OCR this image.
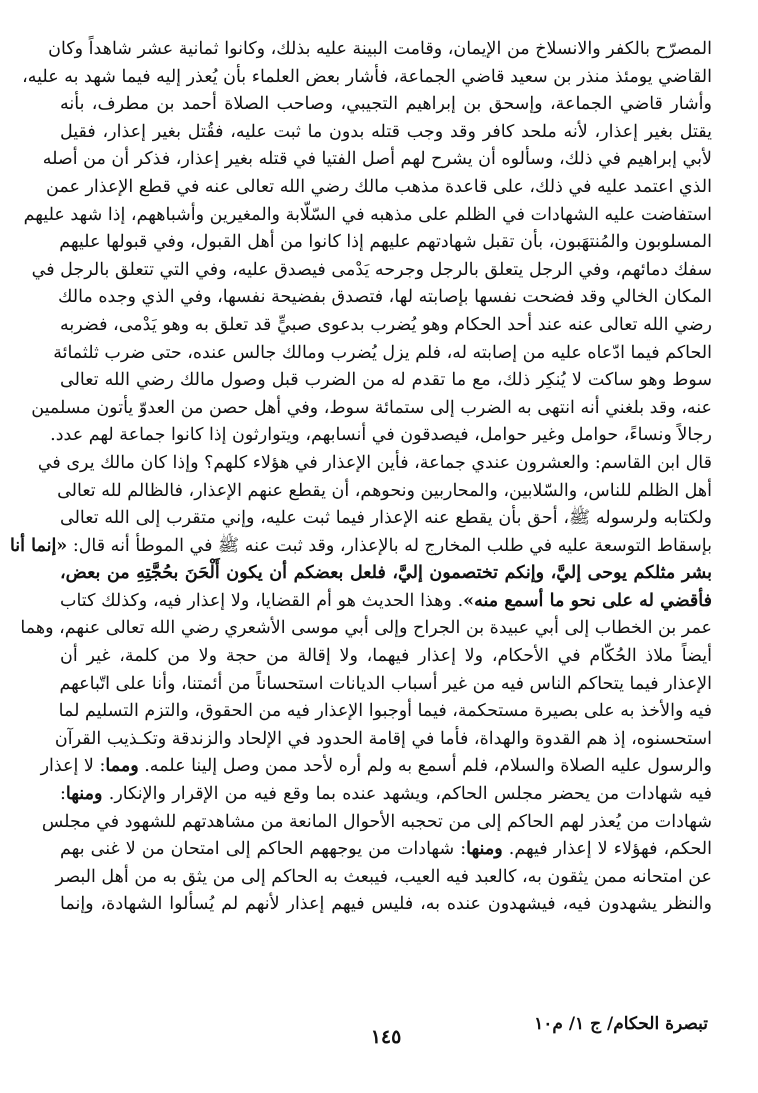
المصرّح بالكفر والانسلاخ من الإيمان، وقامت البينة عليه بذلك، وكانوا ثمانية عشر شاهداً وكان
القاضي يومئذ منذر بن سعيد قاضي الجماعة، فأشار بعض العلماء بأن يُعذر إليه فيما شهد به عليه،
وأشار قاضي الجماعة، وإسحق بن إبراهيم التجيبي، وصاحب الصلاة أحمد بن مطرف، بأنه
يقتل بغير إعذار، لأنه ملحد كافر وقد وجب قتله بدون ما ثبت عليه، فقُتل بغير إعذار، فقيل
لأبي إبراهيم في ذلك، وسألوه أن يشرح لهم أصل الفتيا في قتله بغير إعذار، فذكر أن من أصله
الذي اعتمد عليه في ذلك، على قاعدة مذهب مالك رضي الله تعالى عنه في قطع الإعذار عمن
استفاضت عليه الشهادات في الظلم على مذهبه في السّلّابة والمغيرين وأشباههم، إذا شهد عليهم
المسلوبون والمُنتهَبون، بأن تقبل شهادتهم عليهم إذا كانوا من أهل القبول، وفي قبولها عليهم
سفك دمائهم، وفي الرجل يتعلق بالرجل وجرحه يَدْمى فيصدق عليه، وفي التي تتعلق بالرجل في
المكان الخالي وقد فضحت نفسها بإصابته لها، فتصدق بفضيحة نفسها، وفي الذي وجده مالك
رضي الله تعالى عنه عند أحد الحكام وهو يُضرب بدعوى صبيٍّ قد تعلق به وهو يَدْمى، فضربه
الحاكم فيما ادّعاه عليه من إصابته له، فلم يزل يُضرب ومالك جالس عنده، حتى ضرب ثلثمائة
سوط وهو ساكت لا يُنكِر ذلك، مع ما تقدم له من الضرب قبل وصول مالك رضي الله تعالى
عنه، وقد بلغني أنه انتهى به الضرب إلى ستمائة سوط، وفي أهل حصن من العدوّ يأتون مسلمين
رجالاً ونساءً، حوامل وغير حوامل، فيصدقون في أنسابهم، ويتوارثون إذا كانوا جماعة لهم عدد.
قال ابن القاسم: والعشرون عندي جماعة، فأين الإعذار في هؤلاء كلهم؟ وإذا كان مالك يرى في
أهل الظلم للناس، والسّلابين، والمحاربين ونحوهم، أن يقطع عنهم الإعذار، فالظالم لله تعالى
ولكتابه ولرسوله ﷺ، أحق بأن يقطع عنه الإعذار فيما ثبت عليه، وإني متقرب إلى الله تعالى
بإسقاط التوسعة عليه في طلب المخارج له بالإعذار، وقد ثبت عنه ﷺ في الموطأ أنه قال: «إنما أنا
بشر مثلكم يوحى إليَّ، وإنكم تختصمون إليَّ، فلعل بعضكم أن يكون أَلْحَنَ بحُجَّتِهِ من بعض،
فأقضي له على نحو ما أسمع منه». وهذا الحديث هو أم القضايا، ولا إعذار فيه، وكذلك كتاب
عمر بن الخطاب إلى أبي عبيدة بن الجراح وإلى أبي موسى الأشعري رضي الله تعالى عنهم، وهما
أيضاً ملاذ الحُكّام في الأحكام، ولا إعذار فيهما، ولا إقالة من حجة ولا من كلمة، غير أن
الإعذار فيما يتحاكم الناس فيه من غير أسباب الديانات استحساناً من أئمتنا، وأنا على اتّباعهم
فيه والأخذ به على بصيرة مستحكمة، فيما أوجبوا الإعذار فيه من الحقوق، والتزم التسليم لما
استحسنوه، إذ هم القدوة والهداة، فأما في إقامة الحدود في الإلحاد والزندقة وتكـذيب القرآن
والرسول عليه الصلاة والسلام، فلم أسمع به ولم أره لأحد ممن وصل إلينا علمه. ومما: لا إعذار
فيه شهادات من يحضر مجلس الحاكم، ويشهد عنده بما وقع فيه من الإقرار والإنكار. ومنها:
شهادات من يُعذر لهم الحاكم إلى من تحجبه الأحوال المانعة من مشاهدتهم للشهود في مجلس
الحكم، فهؤلاء لا إعذار فيهم. ومنها: شهادات من يوجههم الحاكم إلى امتحان من لا غنى بهم
عن امتحانه ممن يثقون به، كالعبد فيه العيب، فيبعث به الحاكم إلى من يثق به من أهل البصر
والنظر يشهدون فيه، فيشهدون عنده به، فليس فيهم إعذار لأنهم لم يُسألوا الشهادة، وإنما
تبصرة الحكام/ ج ١/ م١٠
١٤٥
